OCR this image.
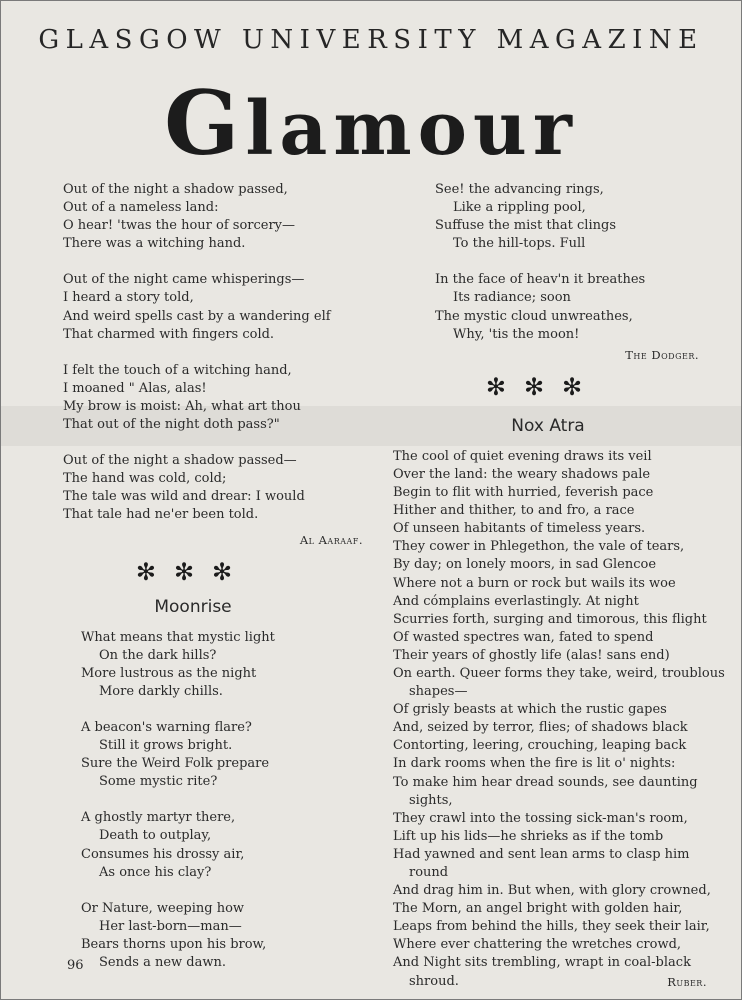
GLASGOW UNIVERSITY MAGAZINE
Glamour
Out of the night a shadow passed,
Out of a nameless land:
O hear! 'twas the hour of sorcery—
There was a witching hand.
Out of the night came whisperings—
I heard a story told,
And weird spells cast by a wandering elf
That charmed with fingers cold.
I felt the touch of a witching hand,
I moaned " Alas, alas!
My brow is moist: Ah, what art thou
That out of the night doth pass?"
Out of the night a shadow passed—
The hand was cold, cold;
The tale was wild and drear: I would
That tale had ne'er been told.
Al Aaraaf.
✻✻✻
Moonrise
What means that mystic light
On the dark hills?
More lustrous as the night
More darkly chills.
A beacon's warning flare?
Still it grows bright.
Sure the Weird Folk prepare
Some mystic rite?
A ghostly martyr there,
Death to outplay,
Consumes his drossy air,
As once his clay?
Or Nature, weeping how
Her last-born—man—
Bears thorns upon his brow,
Sends a new dawn.
See! the advancing rings,
Like a rippling pool,
Suffuse the mist that clings
To the hill-tops. Full
In the face of heav'n it breathes
Its radiance; soon
The mystic cloud unwreathes,
Why, 'tis the moon!
The Dodger.
✻✻✻
Nox Atra
The cool of quiet evening draws its veil
Over the land: the weary shadows pale
Begin to flit with hurried, feverish pace
Hither and thither, to and fro, a race
Of unseen habitants of timeless years.
They cower in Phlegethon, the vale of tears,
By day; on lonely moors, in sad Glencoe
Where not a burn or rock but wails its woe
And cómplains everlastingly. At night
Scurries forth, surging and timorous, this flight
Of wasted spectres wan, fated to spend
Their years of ghostly life (alas! sans end)
On earth. Queer forms they take, weird, troublous
shapes—
Of grisly beasts at which the rustic gapes
And, seized by terror, flies; of shadows black
Contorting, leering, crouching, leaping back
In dark rooms when the fire is lit o' nights:
To make him hear dread sounds, see daunting
sights,
They crawl into the tossing sick-man's room,
Lift up his lids—he shrieks as if the tomb
Had yawned and sent lean arms to clasp him
round
And drag him in. But when, with glory crowned,
The Morn, an angel bright with golden hair,
Leaps from behind the hills, they seek their lair,
Where ever chattering the wretches crowd,
And Night sits trembling, wrapt in coal-black
shroud.	Ruber.
96
